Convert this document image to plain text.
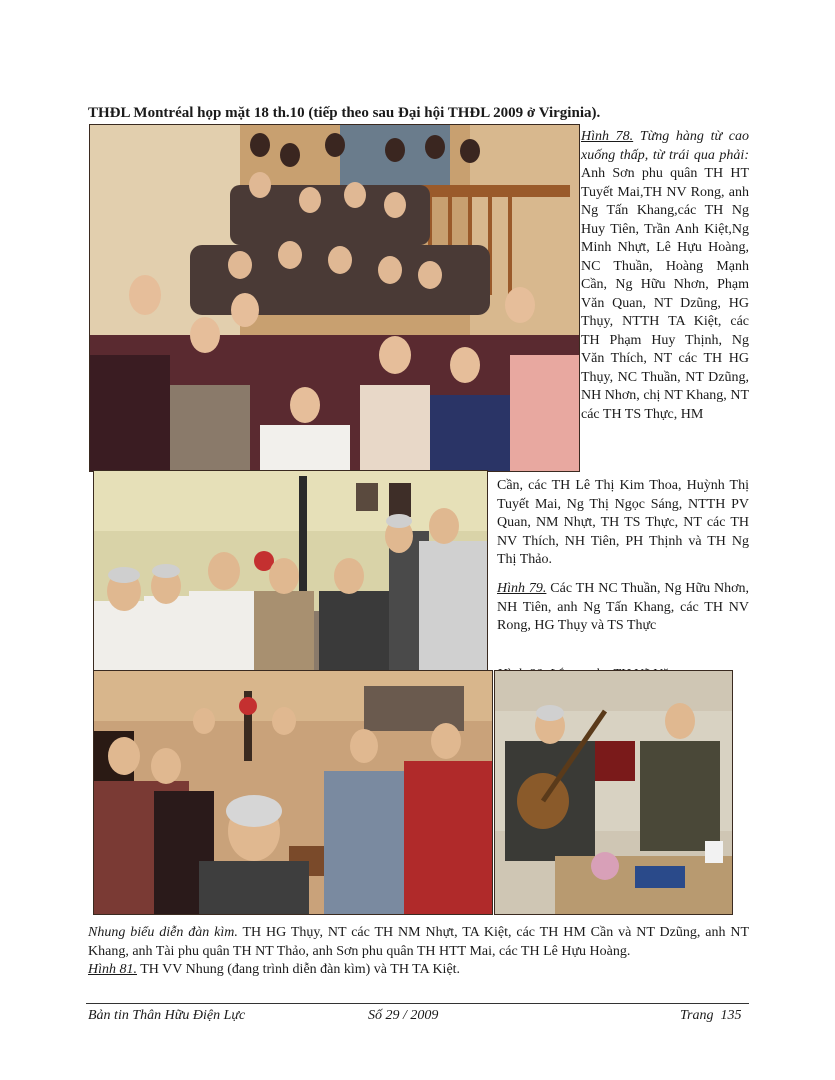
THĐL Montréal họp mặt 18 th.10 (tiếp theo sau Đại hội THĐL 2009 ở Virginia).
Hình 78. Từng hàng từ cao xuống thấp, từ trái qua phải: Anh Sơn phu quân TH HT Tuyết Mai,TH NV Rong, anh Ng Tấn Khang,các TH Ng Huy Tiên, Trần Anh Kiệt,Ng Minh Nhựt, Lê Hựu Hoàng, NC Thuần, Hoàng Mạnh Cần, Ng Hữu Nhơn, Phạm Văn Quan, NT Dzũng, HG Thụy, NTTH TA Kiệt, các TH Phạm Huy Thịnh, Ng Văn Thích, NT các TH HG Thụy, NC Thuần, NT Dzũng, NH Nhơn, chị NT Khang, NT các TH TS Thực, HM
Cần, các TH Lê Thị Kim Thoa, Huỳnh Thị Tuyết Mai, Ng Thị Ngọc Sáng, NTTH PV Quan, NM Nhựt, TH TS Thực, NT các TH NV Thích, NH Tiên, PH Thịnh và TH Ng Thị Thảo.
Hình 79. Các TH NC Thuần, Ng Hữu Nhơn, NH Tiên, anh Ng Tấn Khang, các TH NV Rong, HG Thụy và TS Thực
Nhung biểu diễn đàn kìm. TH HG Thụy, NT các TH NM Nhựt, TA Kiệt, các TH HM Cần và NT Dzũng, anh NT Khang, anh Tài phu quân TH NT Thảo, anh Sơn phu quân TH HTT Mai, các TH Lê Hựu Hoàng.
Hình 81. TH VV Nhung (đang trình diễn đàn kìm) và TH TA Kiệt.
Bản tin Thân Hữu Điện Lực	Số 29 / 2009	Trang  135
